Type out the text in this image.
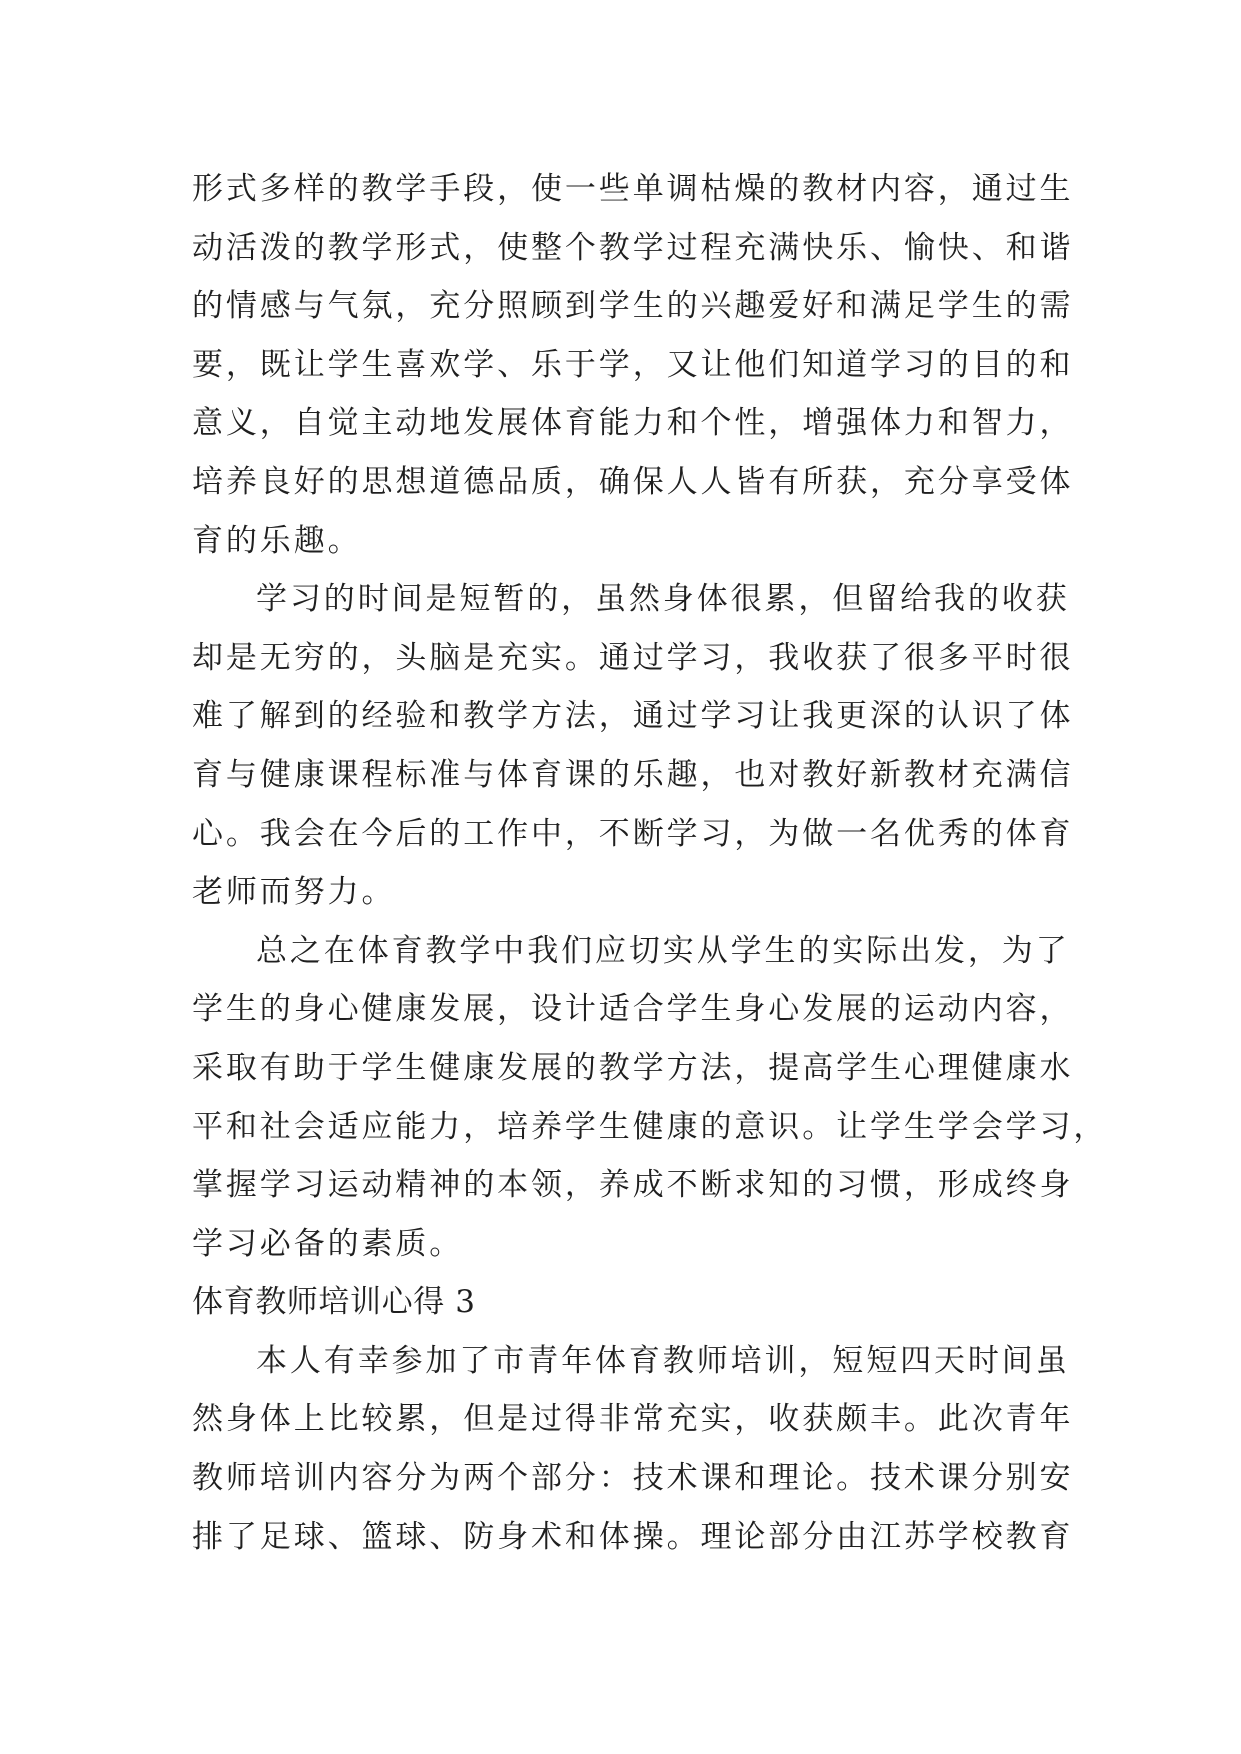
形式多样的教学手段，使一些单调枯燥的教材内容，通过生
动活泼的教学形式，使整个教学过程充满快乐、愉快、和谐
的情感与气氛，充分照顾到学生的兴趣爱好和满足学生的需
要，既让学生喜欢学、乐于学，又让他们知道学习的目的和
意义，自觉主动地发展体育能力和个性，增强体力和智力，
培养良好的思想道德品质，确保人人皆有所获，充分享受体
育的乐趣。
学习的时间是短暂的，虽然身体很累，但留给我的收获
却是无穷的，头脑是充实。通过学习，我收获了很多平时很
难了解到的经验和教学方法，通过学习让我更深的认识了体
育与健康课程标准与体育课的乐趣，也对教好新教材充满信
心。我会在今后的工作中，不断学习，为做一名优秀的体育
老师而努力。
总之在体育教学中我们应切实从学生的实际出发，为了
学生的身心健康发展，设计适合学生身心发展的运动内容，
采取有助于学生健康发展的教学方法，提高学生心理健康水
平和社会适应能力，培养学生健康的意识。让学生学会学习，
掌握学习运动精神的本领，养成不断求知的习惯，形成终身
学习必备的素质。
体育教师培训心得 3
本人有幸参加了市青年体育教师培训，短短四天时间虽
然身体上比较累，但是过得非常充实，收获颇丰。此次青年
教师培训内容分为两个部分：技术课和理论。技术课分别安
排了足球、篮球、防身术和体操。理论部分由江苏学校教育
